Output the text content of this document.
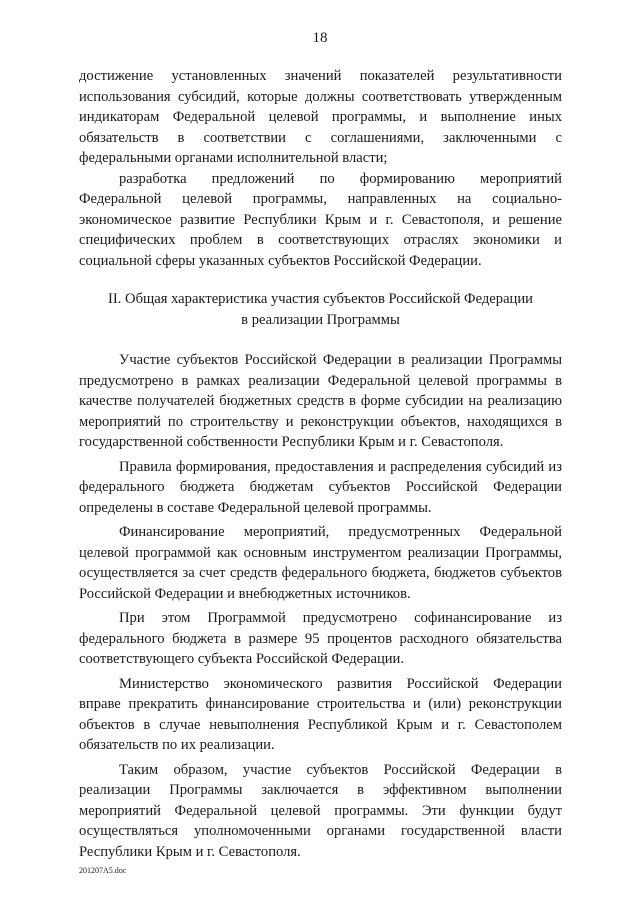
18

достижение установленных значений показателей результативности использования субсидий, которые должны соответствовать утвержденным индикаторам Федеральной целевой программы, и выполнение иных обязательств в соответствии с соглашениями, заключенными с федеральными органами исполнительной власти;

разработка предложений по формированию мероприятий Федеральной целевой программы, направленных на социально-экономическое развитие Республики Крым и г. Севастополя, и решение специфических проблем в соответствующих отраслях экономики и социальной сферы указанных субъектов Российской Федерации.

II. Общая характеристика участия субъектов Российской Федерации
в реализации Программы

Участие субъектов Российской Федерации в реализации Программы предусмотрено в рамках реализации Федеральной целевой программы в качестве получателей бюджетных средств в форме субсидии на реализацию мероприятий по строительству и реконструкции объектов, находящихся в государственной собственности Республики Крым и г. Севастополя.

Правила формирования, предоставления и распределения субсидий из федерального бюджета бюджетам субъектов Российской Федерации определены в составе Федеральной целевой программы.

Финансирование мероприятий, предусмотренных Федеральной целевой программой как основным инструментом реализации Программы, осуществляется за счет средств федерального бюджета, бюджетов субъектов Российской Федерации и внебюджетных источников.

При этом Программой предусмотрено софинансирование из федерального бюджета в размере 95 процентов расходного обязательства соответствующего субъекта Российской Федерации.

Министерство экономического развития Российской Федерации вправе прекратить финансирование строительства и (или) реконструкции объектов в случае невыполнения Республикой Крым и г. Севастополем обязательств по их реализации.

Таким образом, участие субъектов Российской Федерации в реализации Программы заключается в эффективном выполнении мероприятий Федеральной целевой программы. Эти функции будут осуществляться уполномоченными органами государственной власти Республики Крым и г. Севастополя.

201207A5.doc
